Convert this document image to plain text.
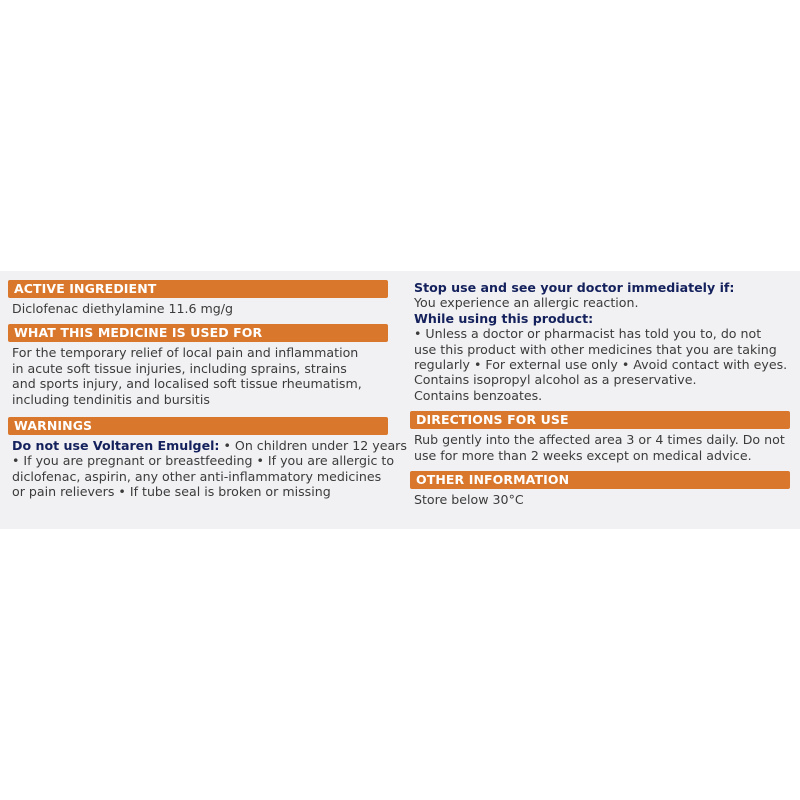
ACTIVE INGREDIENT
Diclofenac diethylamine 11.6 mg/g
WHAT THIS MEDICINE IS USED FOR
For the temporary relief of local pain and inflammation
in acute soft tissue injuries, including sprains, strains
and sports injury, and localised soft tissue rheumatism,
including tendinitis and bursitis
WARNINGS
Do not use Voltaren Emulgel: • On children under 12 years
• If you are pregnant or breastfeeding • If you are allergic to
diclofenac, aspirin, any other anti-inflammatory medicines
or pain relievers • If tube seal is broken or missing
Stop use and see your doctor immediately if:
You experience an allergic reaction.
While using this product:
• Unless a doctor or pharmacist has told you to, do not
use this product with other medicines that you are taking
regularly • For external use only • Avoid contact with eyes.
Contains isopropyl alcohol as a preservative.
Contains benzoates.
DIRECTIONS FOR USE
Rub gently into the affected area 3 or 4 times daily. Do not
use for more than 2 weeks except on medical advice.
OTHER INFORMATION
Store below 30°C
